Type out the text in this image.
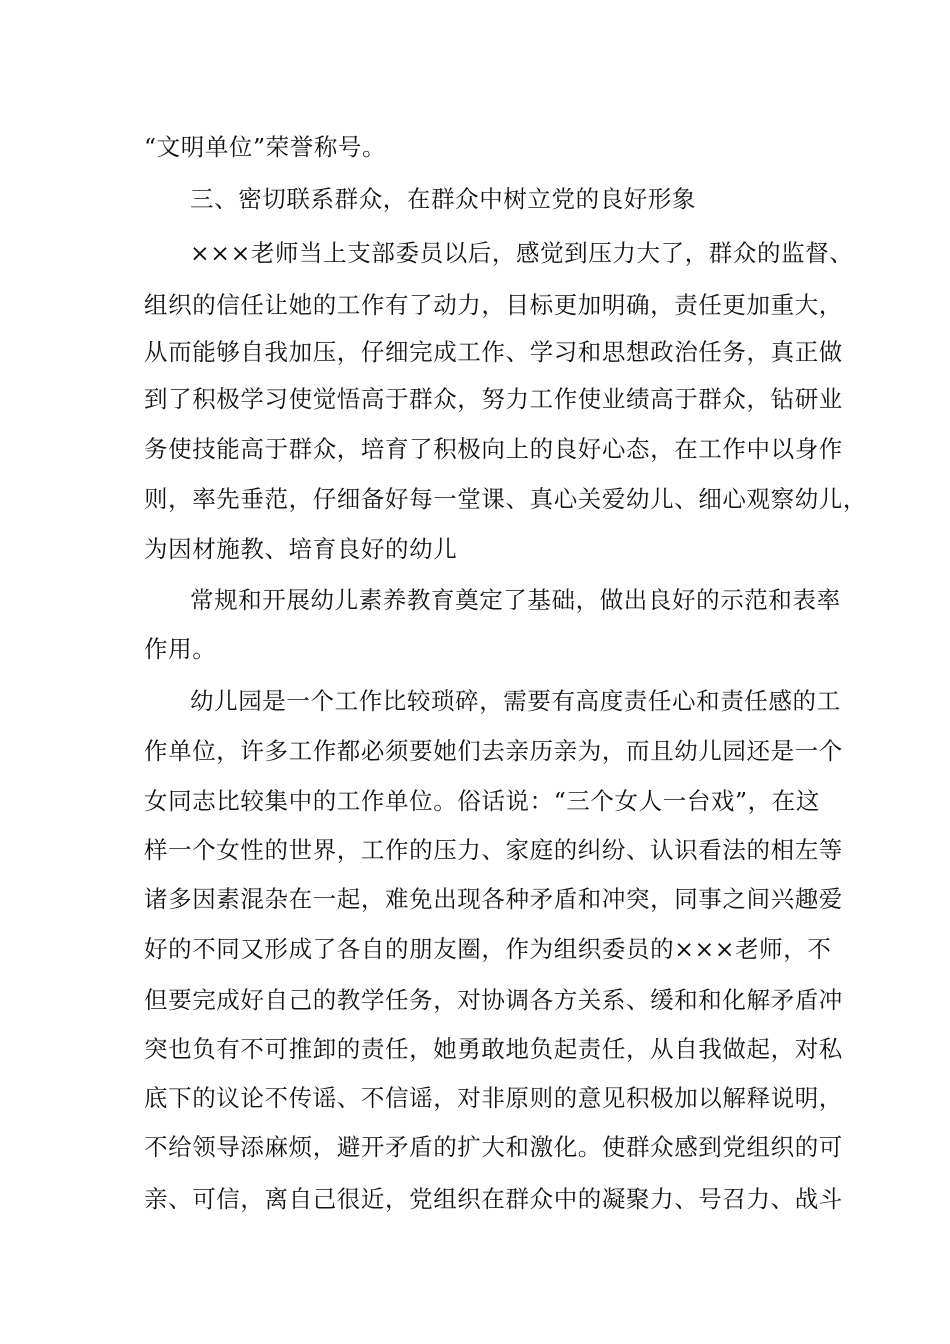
“文明单位”荣誉称号。

三、密切联系群众，在群众中树立党的良好形象

×××老师当上支部委员以后，感觉到压力大了，群众的监督、

组织的信任让她的工作有了动力，目标更加明确，责任更加重大，

从而能够自我加压，仔细完成工作、学习和思想政治任务，真正做

到了积极学习使觉悟高于群众，努力工作使业绩高于群众，钻研业

务使技能高于群众，培育了积极向上的良好心态，在工作中以身作

则，率先垂范，仔细备好每一堂课、真心关爱幼儿、细心观察幼儿，

为因材施教、培育良好的幼儿

常规和开展幼儿素养教育奠定了基础，做出良好的示范和表率

作用。

幼儿园是一个工作比较琐碎，需要有高度责任心和责任感的工

作单位，许多工作都必须要她们去亲历亲为，而且幼儿园还是一个

女同志比较集中的工作单位。俗话说：“三个女人一台戏”，在这

样一个女性的世界，工作的压力、家庭的纠纷、认识看法的相左等

诸多因素混杂在一起，难免出现各种矛盾和冲突，同事之间兴趣爱

好的不同又形成了各自的朋友圈，作为组织委员的×××老师，不

但要完成好自己的教学任务，对协调各方关系、缓和和化解矛盾冲

突也负有不可推卸的责任，她勇敢地负起责任，从自我做起，对私

底下的议论不传谣、不信谣，对非原则的意见积极加以解释说明，

不给领导添麻烦，避开矛盾的扩大和激化。使群众感到党组织的可

亲、可信，离自己很近，党组织在群众中的凝聚力、号召力、战斗
